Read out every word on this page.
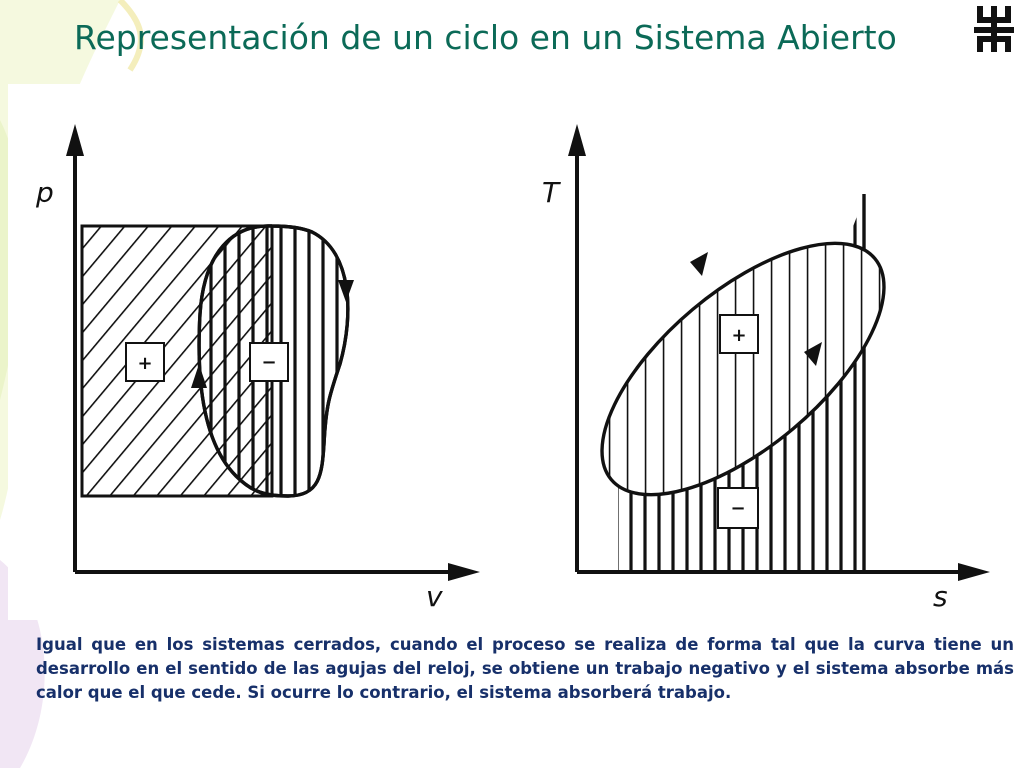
Representación de un ciclo en un Sistema Abierto
p
v
+	−
T
s
+
−

Igual que en los sistemas cerrados, cuando el proceso se realiza de forma tal que la curva tiene un desarrollo en el sentido de las agujas del reloj, se obtiene un trabajo negativo y el sistema absorbe más calor que el que cede. Si ocurre lo contrario, el sistema absorberá trabajo.
